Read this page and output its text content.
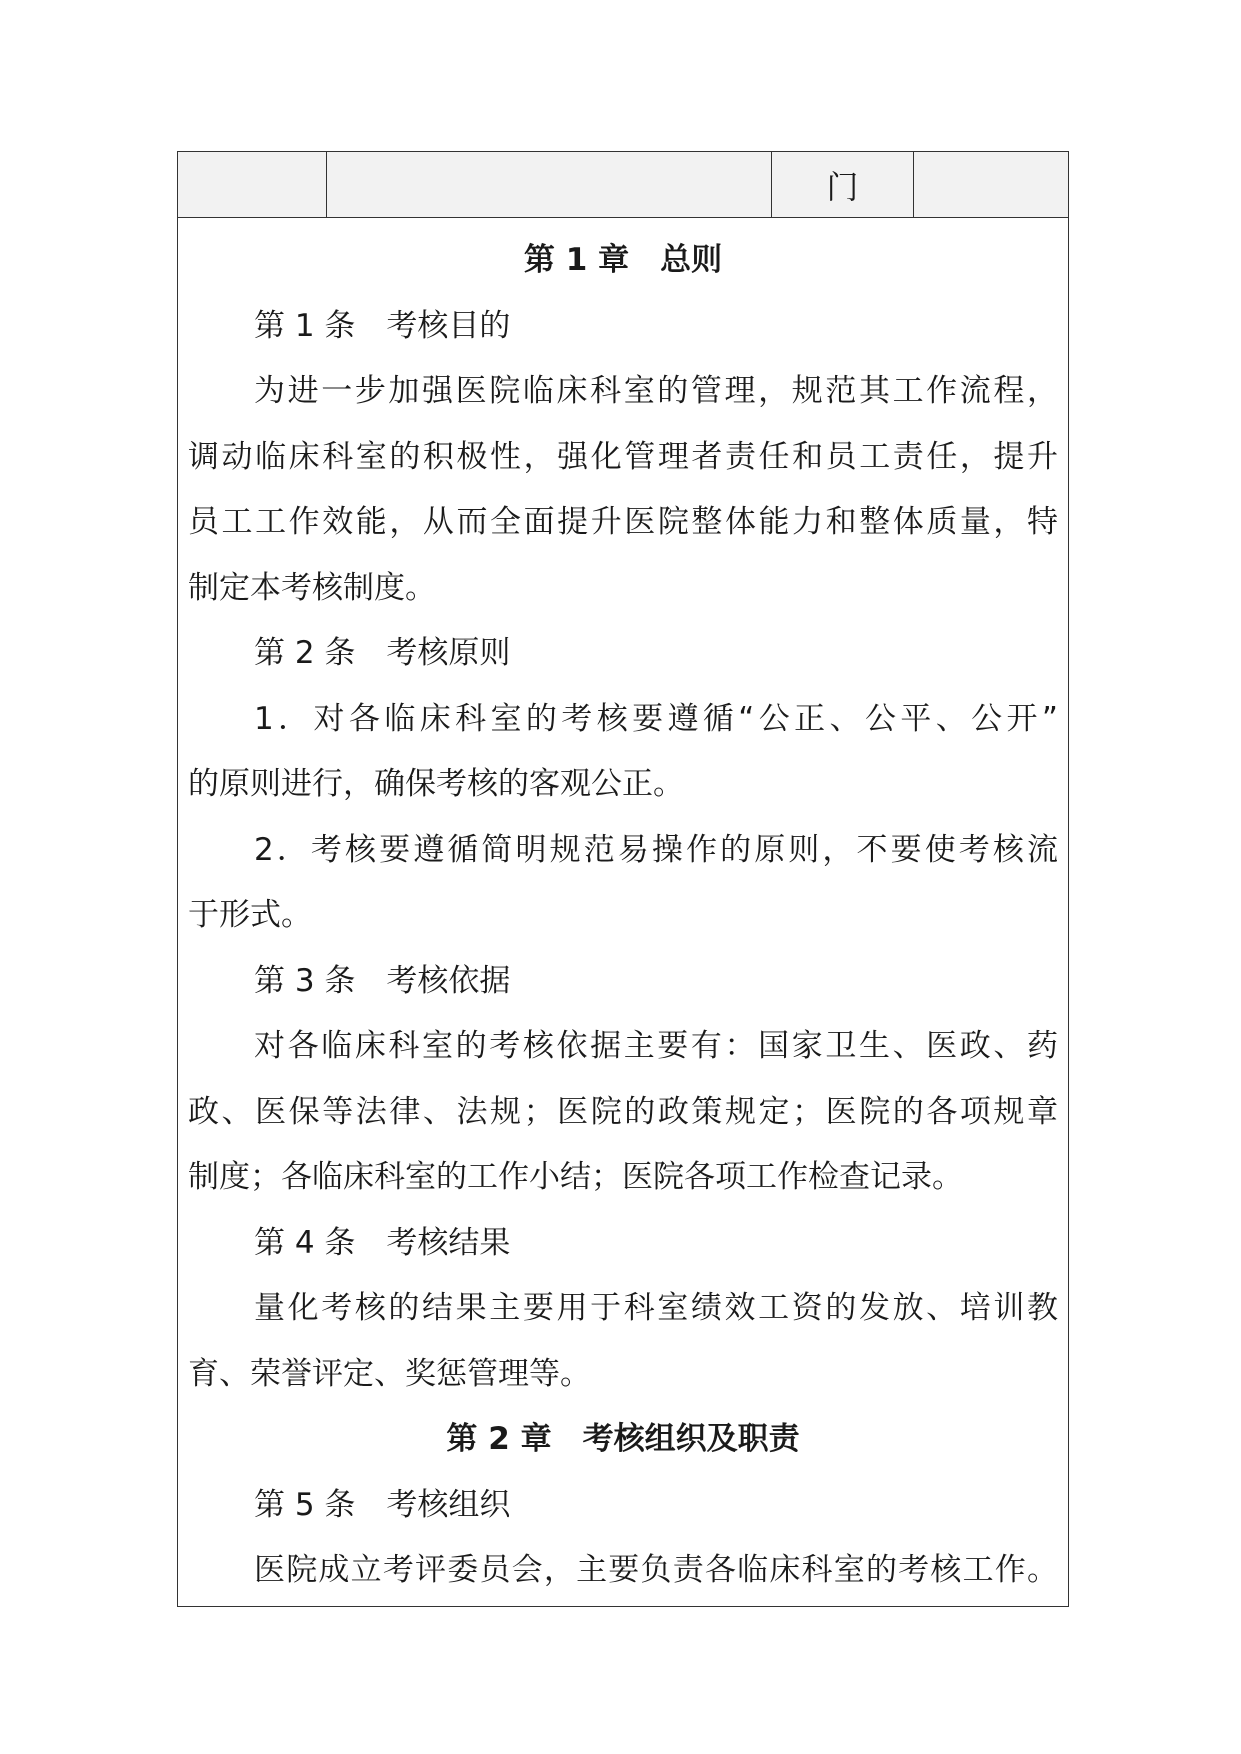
门
第 1 章　总则
第 1 条　考核目的
为进一步加强医院临床科室的管理，规范其工作流程，
调动临床科室的积极性，强化管理者责任和员工责任，提升
员工工作效能，从而全面提升医院整体能力和整体质量，特
制定本考核制度。
第 2 条　考核原则
1．对各临床科室的考核要遵循“公正、公平、公开”
的原则进行，确保考核的客观公正。
2．考核要遵循简明规范易操作的原则，不要使考核流
于形式。
第 3 条　考核依据
对各临床科室的考核依据主要有：国家卫生、医政、药
政、医保等法律、法规；医院的政策规定；医院的各项规章
制度；各临床科室的工作小结；医院各项工作检查记录。
第 4 条　考核结果
量化考核的结果主要用于科室绩效工资的发放、培训教
育、荣誉评定、奖惩管理等。
第 2 章　考核组织及职责
第 5 条　考核组织
医院成立考评委员会，主要负责各临床科室的考核工作。
